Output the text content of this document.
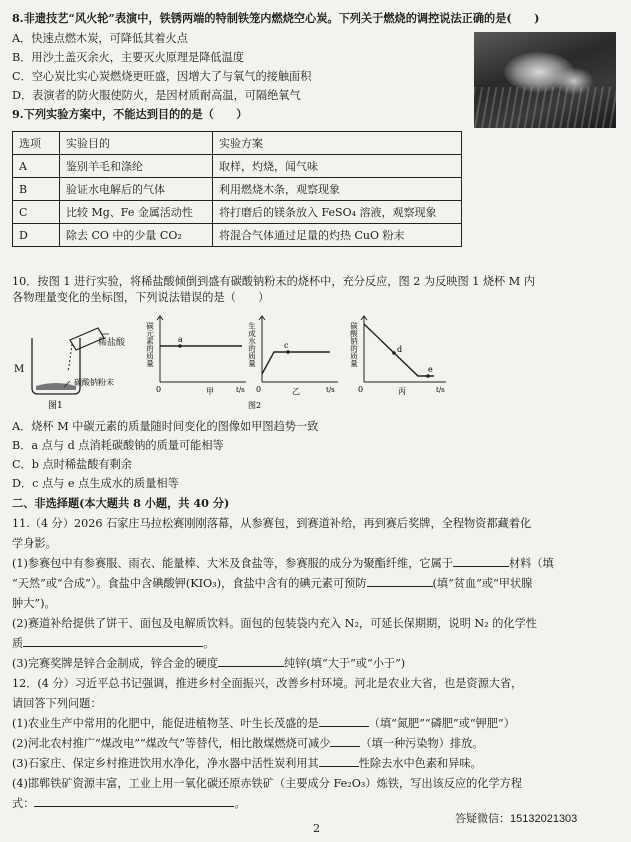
8.非遗技艺“风火轮”表演中，铁锈两端的特制铁笼内燃烧空心炭。下列关于燃烧的调控说法正确的是(　　)
A．快速点燃木炭，可降低其着火点
B．用沙土盖灭余火，主要灭火原理是降低温度
C．空心炭比实心炭燃烧更旺盛，因增大了与氧气的接触面积
D．表演者的防火服使防火，是因材质耐高温，可隔绝氧气
9.下列实验方案中，不能达到目的的是（　　）
选项	实验目的	实验方案
A	鉴别羊毛和涤纶	取样，灼烧，闻气味
B	验证水电解后的气体	利用燃烧木条，观察现象
C	比较 Mg、Fe 金属活动性	将打磨后的镁条放入 FeSO₄ 溶液，观察现象
D	除去 CO 中的少量 CO₂	将混合气体通过足量的灼热 CuO 粉末
10．按图 1 进行实验，将稀盐酸倾倒到盛有碳酸钠粉末的烧杯中，充分反应，图 2 为反映图 1 烧杯 M 内
各物理量变化的坐标图，下列说法错误的是（　　）
M
碳酸钠粉末
图1
稀盐酸	a
0	t/s
甲
碳元素的质量	c
0	t/s
乙
生成水的质量
图2
d
e
0	t/s
丙
碳酸钠的质量
A．烧杯 M 中碳元素的质量随时间变化的图像如甲图趋势一致
B．a 点与 d 点消耗碳酸钠的质量可能相等
C．b 点时稀盐酸有剩余
D．c 点与 e 点生成水的质量相等
二、非选择题(本大题共 8 小题，共 40 分)
11.（4 分）2026 石家庄马拉松赛刚刚落幕，从参赛包，到赛道补给，再到赛后奖牌，全程物资都藏着化
学身影。
(1)参赛包中有参赛服、雨衣、能量棒、大米及食盐等，参赛服的成分为聚酯纤维，它属于	材料（填
“天然”或“合成”）。食盐中含碘酸钾(KIO₃)，食盐中含有的碘元素可预防	(填“贫血”或“甲状腺
肿大”)。
(2)赛道补给提供了饼干、面包及电解质饮料。面包的包装袋内充入 N₂，可延长保期期，说明 N₂ 的化学性
质	。
(3)完赛奖牌是锌合金制成，锌合金的硬度	纯锌(填“大于”或“小于”)
12．(4 分）习近平总书记强调，推进乡村全面振兴，改善乡村环境。河北是农业大省，也是资源大省，
请回答下列问题：
(1)农业生产中常用的化肥中，能促进植物茎、叶生长茂盛的是	（填“氮肥”“磷肥”或“钾肥”）
(2)河北农村推广“煤改电”“煤改气”等替代，相比散煤燃烧可减少	（填一种污染物）排放。
(3)石家庄、保定乡村推进饮用水净化，净水器中活性炭利用其	性除去水中色素和异味。
(4)邯郸铁矿资源丰富，工业上用一氧化碳还原赤铁矿（主要成分 Fe₂O₃）炼铁，写出该反应的化学方程
式：	。
答疑微信：15132021303
2
